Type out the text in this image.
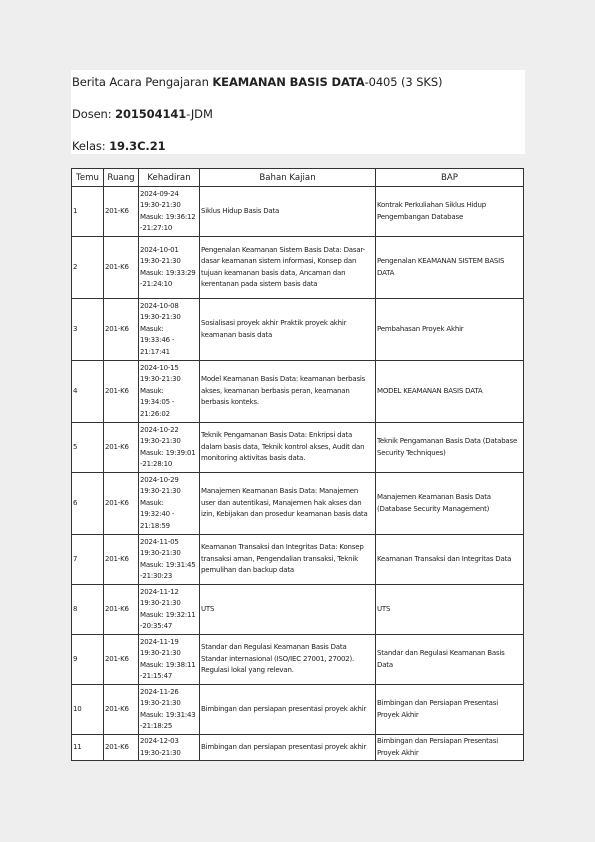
Berita Acara Pengajaran KEAMANAN BASIS DATA-0405 (3 SKS)
Dosen: 201504141-JDM
Kelas: 19.3C.21
Temu	Ruang	Kehadiran	Bahan Kajian	BAP
1	201-K6	2024-09-24
19:30-21:30
Masuk: 19:36:12
-21:27:10	Siklus Hidup Basis Data	Kontrak Perkuliahan Siklus Hidup Pengembangan Database
2	201-K6	2024-10-01
19:30-21:30
Masuk: 19:33:29
-21:24:10	Pengenalan Keamanan Sistem Basis Data: Dasar-dasar keamanan sistem informasi, Konsep dan tujuan keamanan basis data, Ancaman dan kerentanan pada sistem basis data	Pengenalan KEAMANAN SISTEM BASIS DATA
3	201-K6	2024-10-08
19:30-21:30
Masuk:
19:33:46 -
21:17:41	Sosialisasi proyek akhir Praktik proyek akhir keamanan basis data	Pembahasan Proyek Akhir
4	201-K6	2024-10-15
19:30-21:30
Masuk:
19:34:05 -
21:26:02	Model Keamanan Basis Data: keamanan berbasis akses, keamanan berbasis peran, keamanan berbasis konteks.	MODEL KEAMANAN BASIS DATA
5	201-K6	2024-10-22
19:30-21:30
Masuk: 19:39:01
-21:28:10	Teknik Pengamanan Basis Data: Enkripsi data dalam basis data, Teknik kontrol akses, Audit dan monitoring aktivitas basis data.	Teknik Pengamanan Basis Data (Database Security Techniques)
6	201-K6	2024-10-29
19:30-21:30
Masuk:
19:32:40 -
21:18:59	Manajemen Keamanan Basis Data: Manajemen user dan autentikasi, Manajemen hak akses dan izin, Kebijakan dan prosedur keamanan basis data	Manajemen Keamanan Basis Data (Database Security Management)
7	201-K6	2024-11-05
19:30-21:30
Masuk: 19:31:45
-21:30:23	Keamanan Transaksi dan Integritas Data: Konsep transaksi aman, Pengendalian transaksi, Teknik pemulihan dan backup data	Keamanan Transaksi dan Integritas Data
8	201-K6	2024-11-12
19:30-21:30
Masuk: 19:32:11
-20:35:47	UTS	UTS
9	201-K6	2024-11-19
19:30-21:30
Masuk: 19:38:11
-21:15:47	Standar dan Regulasi Keamanan Basis Data Standar internasional (ISO/IEC 27001, 27002). Regulasi lokal yang relevan.	Standar dan Regulasi Keamanan Basis Data
10	201-K6	2024-11-26
19:30-21:30
Masuk: 19:31:43
-21:18:25	Bimbingan dan persiapan presentasi proyek akhir	Bimbingan dan Persiapan Presentasi Proyek Akhir
11	201-K6	2024-12-03
19:30-21:30	Bimbingan dan persiapan presentasi proyek akhir	Bimbingan dan Persiapan Presentasi Proyek Akhir
